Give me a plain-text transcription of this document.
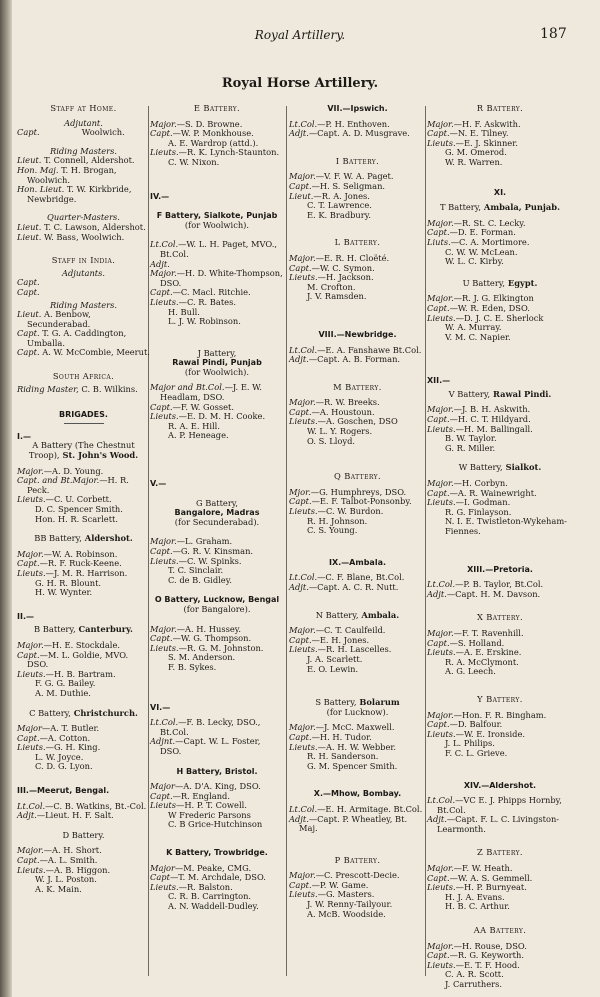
Royal Artillery.	187
Royal Horse Artillery.
Staff at Home.
Adjutant.
Capt.                Woolwich.
Riding Masters.
Lieut. T. Connell, Aldershot.
Hon. Maj. T. H. Brogan, Woolwich.
Hon. Lieut. T. W. Kirkbride, Newbridge.
Quarter-Masters.
Lieut. T. C. Lawson, Aldershot.
Lieut. W. Bass, Woolwich.
Staff in India.
Adjutants.
Capt.
Capt.
Riding Masters.
Lieut. A. Benbow, Secunderabad.
Capt. T. G. A. Caddington, Umballa.
Capt. A. W. McCombie, Meerut.
South Africa.
Riding Master, C. B. Wilkins.
BRIGADES.
I.—
A Battery (The Chestnut Troop), St. John's Wood.
Major.—A. D. Young.
Capt. and Bt.Major.—H. R. Peck.
Lieuts.—C. U. Corbett.
D. C. Spencer Smith.
Hon. H. R. Scarlett.
BB Battery, Aldershot.
Major.—W. A. Robinson.
Capt.—R. F. Ruck-Keene.
Lieuts.—J. M. R. Harrison.
G. H. R. Blount.
H. W. Wynter.
II.—
B Battery, Canterbury.
Major.—H. E. Stockdale.
Capt.—M. L. Goldie, MVO. DSO.
Lieuts.—H. B. Bartram.
F. G. G. Bailey.
A. M. Duthie.
C Battery, Christchurch.
Major—A. T. Butler.
Capt.—A. Cotton.
Lieuts.—G. H. King.
L. W. Joyce.
C. D. G. Lyon.
III.—Meerut, Bengal.
Lt.Col.—C. B. Watkins, Bt.-Col.
Adjt.—Lieut. H. F. Salt.
D Battery.
Major.—A. H. Short.
Capt.—A. L. Smith.
Lieuts.—A. B. Higgon.
W. J. L. Poston.
A. K. Main.
E Battery.
Major.—S. D. Browne.
Capt.—W. P. Monkhouse.
A. E. Wardrop (attd.).
Lieuts.—R. K. Lynch-Staunton.
C. W. Nixon.
IV.—
F Battery, Sialkote, Punjab
(for Woolwich).
Lt.Col.—W. L. H. Paget, MVO., Bt.Col.
Adjt.
Major.—H. D. White-Thompson, DSO.
Capt.—C. Macl. Ritchie.
Lieuts.—C. R. Bates.
H. Bull.
L. J. W. Robinson.
J Battery,
Rawal Pindi, Punjab
(for Woolwich).
Major and Bt.Col.—J. E. W. Headlam, DSO.
Capt.—F. W. Gosset.
Lieuts.—E. D. M. H. Cooke.
R. A. E. Hill.
A. P. Heneage.
V.—
G Battery,
Bangalore, Madras
(for Secunderabad).
Major.—L. Graham.
Capt.—G. R. V. Kinsman.
Lieuts.—C. W. Spinks.
T. C. Sinclair.
C. de B. Gidley.
O Battery, Lucknow, Bengal
(for Bangalore).
Major.—A. H. Hussey.
Capt.—W. G. Thompson.
Lieuts.—R. G. M. Johnston.
S. M. Anderson.
F. B. Sykes.
VI.—
Lt.Col.—F. B. Lecky, DSO., Bt.Col.
Adjnt.—Capt. W. L. Foster, DSO.
H Battery, Bristol.
Major—A. D'A. King, DSO.
Capt.—R. England.
Lieuts—H. P. T. Cowell.
W Frederic Parsons
C. B Grice-Hutchinson
K Battery, Trowbridge.
Major—M. Peake, CMG.
Capt—T. M. Archdale, DSO.
Lieuts.—R. Balston.
C. R. B. Carrington.
A. N. Waddell-Dudley.
VII.—Ipswich.
Lt.Col.—P. H. Enthoven.
Adjt.—Capt. A. D. Musgrave.
I Battery.
Major.—V. F. W. A. Paget.
Capt.—H. S. Seligman.
Lieut.—R. A. Jones.
C. T. Lawrence.
E. K. Bradbury.
L Battery.
Major.—E. R. H. Cloëté.
Capt.—W. C. Symon.
Lieuts.—H. Jackson.
M. Crofton.
J. V. Ramsden.
VIII.—Newbridge.
Lt.Col.—E. A. Fanshawe Bt.Col.
Adjt.—Capt. A. B. Forman.
M Battery.
Major.—R. W. Breeks.
Capt.—A. Houstoun.
Lieuts.—A. Goschen, DSO
W. L. Y. Rogers.
O. S. Lloyd.
Q Battery.
Mjor.—G. Humphreys, DSO.
Capt.—E. F. Talbot-Ponsonby.
Lieuts.—C. W. Burdon.
R. H. Johnson.
C. S. Young.
IX.—Ambala.
Lt.Col.—C. F. Blane, Bt.Col.
Adjt.—Capt. A. C. R. Nutt.
N Battery, Ambala.
Major.—C. T. Caulfeild.
Capt.—E. H. Jones.
Lieuts.—R. H. Lascelles.
J. A. Scarlett.
E. O. Lewin.
S Battery, Bolarum
(for Lucknow).
Major.—J. McC. Maxwell.
Capt.—H. H. Tudor.
Lieuts.—A. H. W. Webber.
R. H. Sanderson.
G. M. Spencer Smith.
X.—Mhow, Bombay.
Lt.Col.—E. H. Armitage. Bt.Col.
Adjt.—Capt. P. Wheatley, Bt. Maj.
P Battery.
Major.—C. Prescott-Decie.
Capt.—P. W. Game.
Lieuts.—G. Masters.
J. W. Renny-Tailyour.
A. McB. Woodside.
R Battery.
Major.—H. F. Askwith.
Capt.—N. E. Tilney.
Lieuts.—E. J. Skinner.
G. M. Omerod.
W. R. Warren.
XI.
T Battery, Ambala, Punjab.
Major.—R. St. C. Lecky.
Capt.—D. E. Forman.
Liuts.—C. A. Mortimore.
C. W. W. McLean.
W. L. C. Kirby.
U Battery, Egypt.
Major.—R. J. G. Elkington
Capt.—W. R. Eden, DSO.
Lieuts.—D. J. C. E. Sherlock
W. A. Murray.
V. M. C. Napier.
XII.—
V Battery, Rawal Pindi.
Major.—J. B. H. Askwith.
Capt.—H. C. T. Hildyard.
Lieuts.—H. M. Ballingall.
B. W. Taylor.
G. R. Miller.
W Battery, Sialkot.
Major.—H. Corbyn.
Capt.—A. R. Wainewright.
Lieuts.—I. Godman.
R. G. Finlayson.
N. I. E. Twistleton-Wykeham-Fiennes.
XIII.—Pretoria.
Lt.Col.—P. B. Taylor, Bt.Col.
Adjt.—Capt. H. M. Davson.
X Battery.
Major.—F. T. Ravenhill.
Capt.—S. Holland.
Lieuts.—A. E. Erskine.
R. A. McClymont.
A. G. Leech.
Y Battery.
Major.—Hon. F. R. Bingham.
Capt.—D. Balfour.
Lieuts.—W. E. Ironside.
J. L. Philips.
F. C. L. Grieve.
XIV.—Aldershot.
Lt.Col.—VC E. J. Phipps Hornby, Bt.Col.
Adjt.—Capt. F. L. C. Livingston-Learmonth.
Z Battery.
Major.—F. W. Heath.
Capt.—W. A. S. Gemmell.
Lieuts.—H. P. Burnyeat.
H. J. A. Evans.
H. B. C. Arthur.
AA Battery.
Major.—H. Rouse, DSO.
Capt.—R. G. Keyworth.
Lieuts.—E. T. F. Hood.
C. A. R. Scott.
J. Carruthers.
